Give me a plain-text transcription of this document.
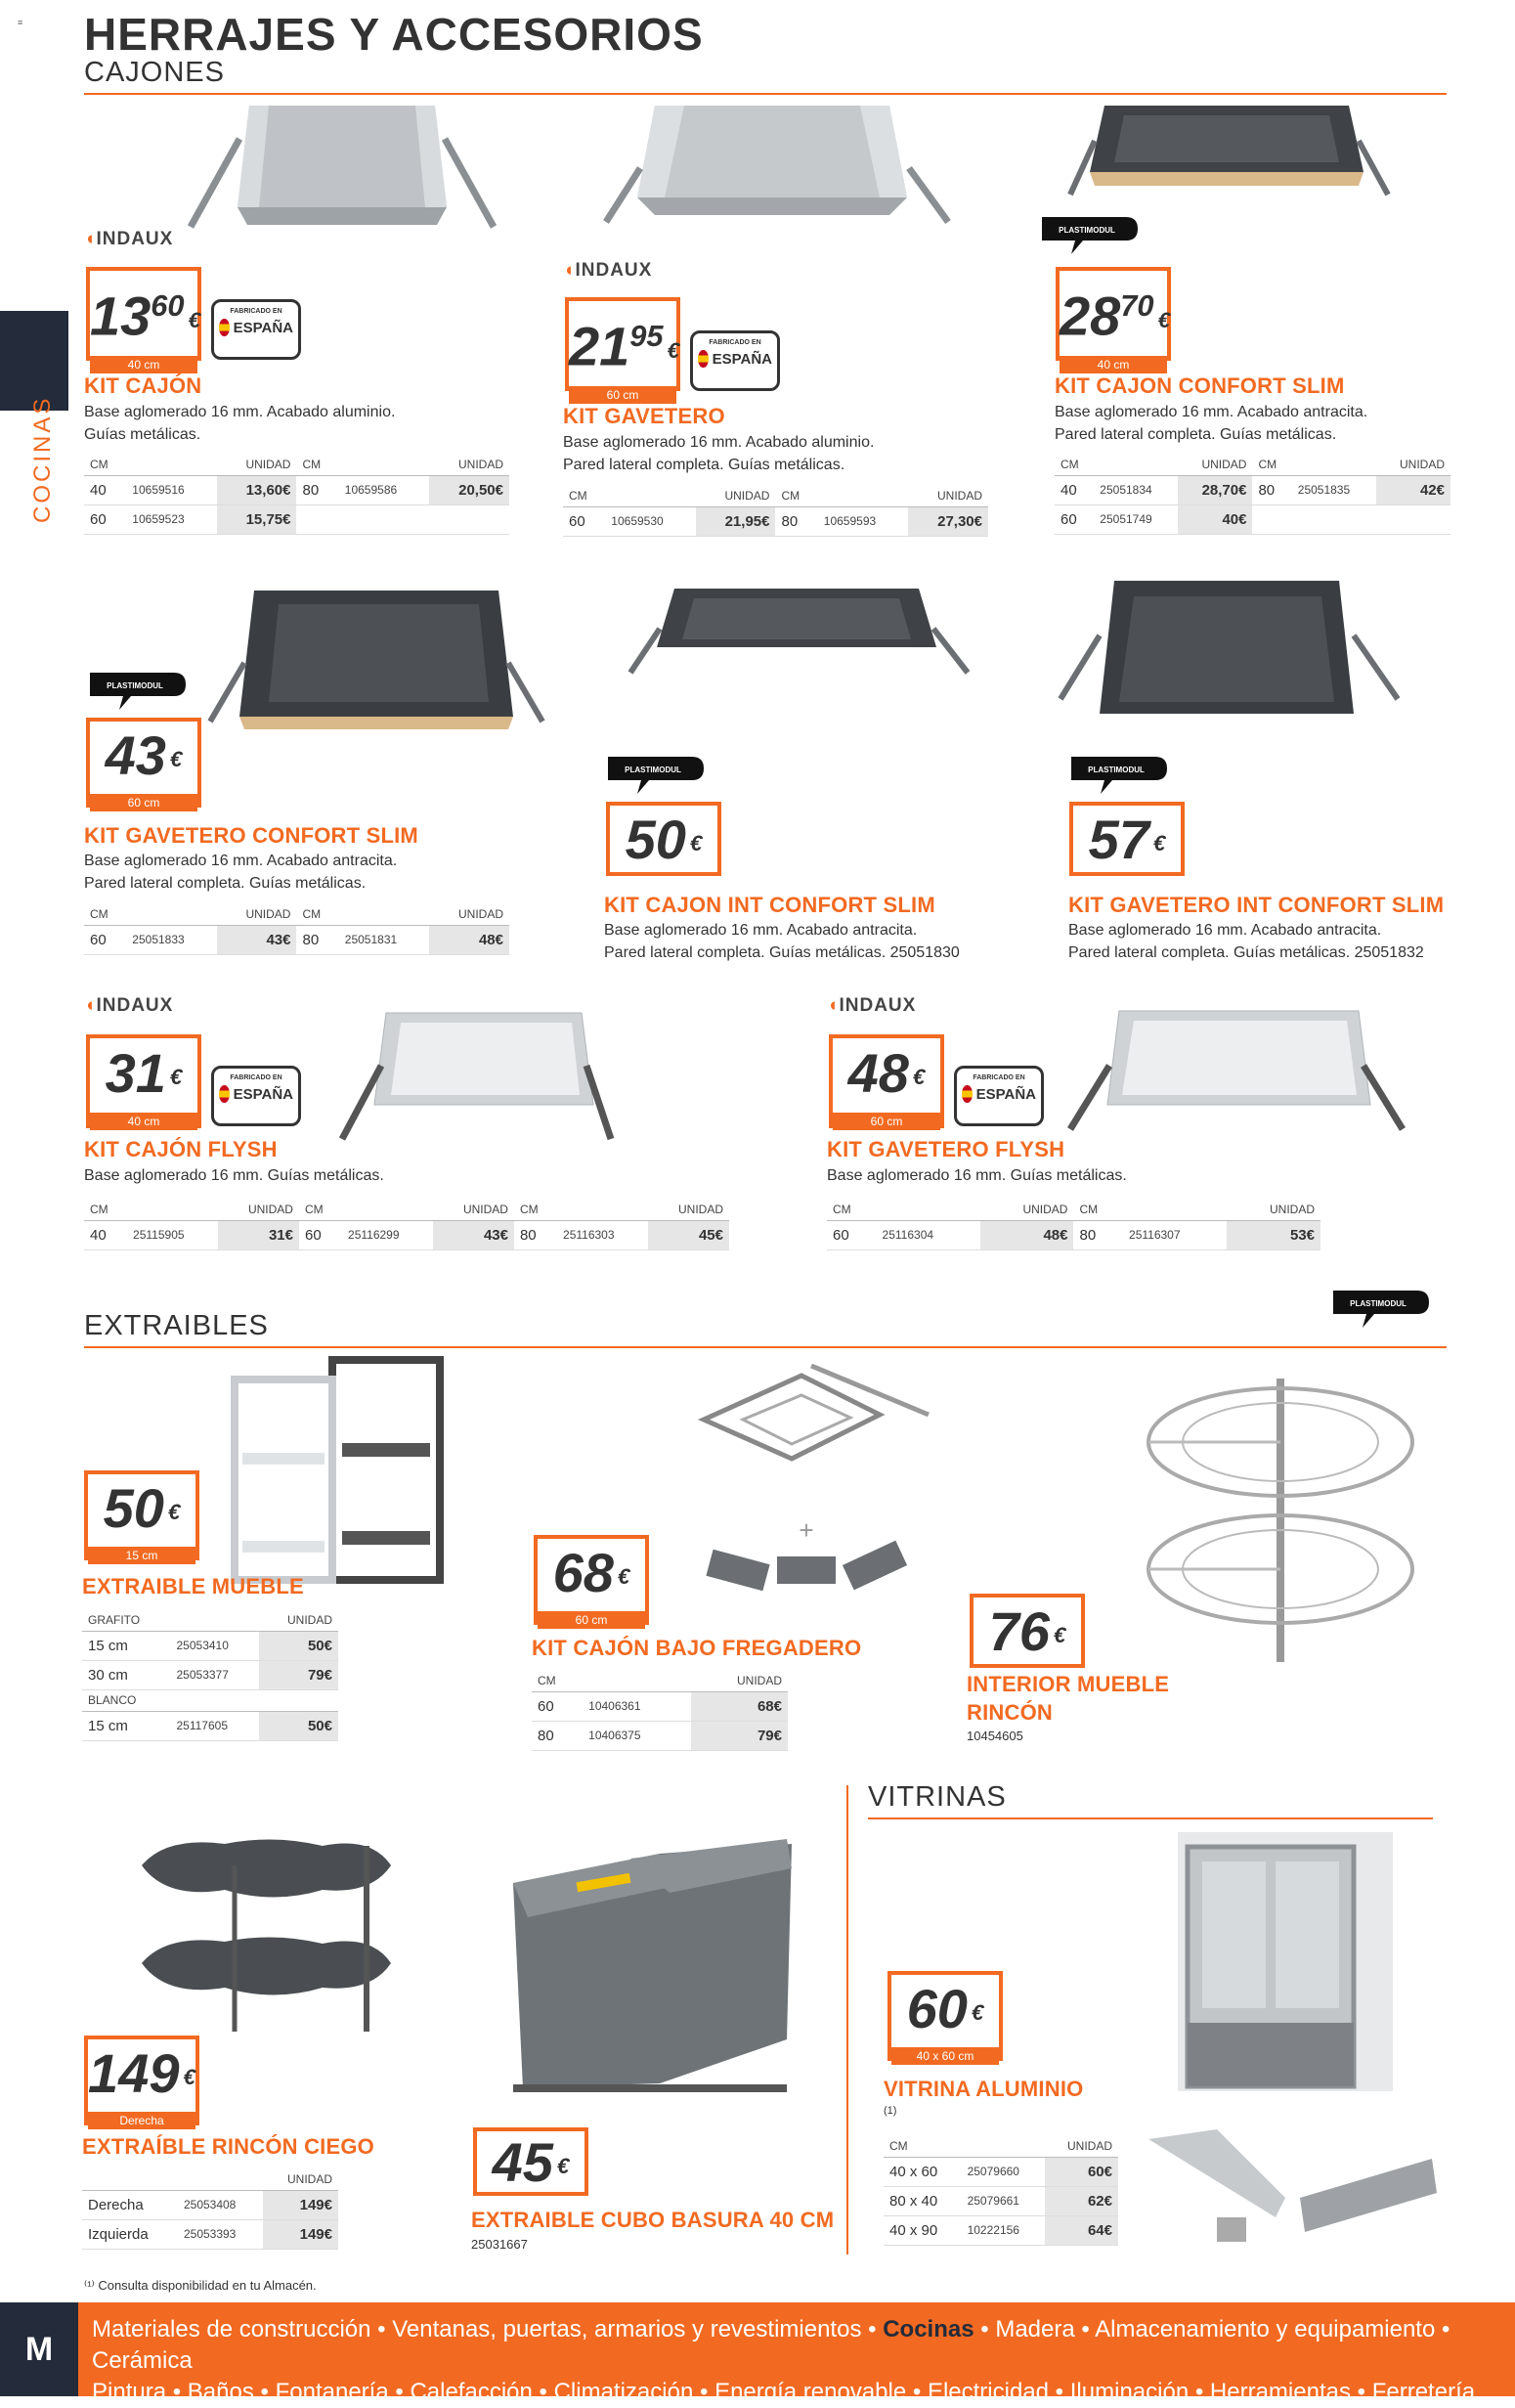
≡ HERRAJES Y ACCESORIOS
COCINAS
CAJONES
◖INDAUX
$13^{60}$ €
40 cm
FABRICADO EN
ESPAÑA
KIT CAJÓN
Base aglomerado 16 mm. Acabado aluminio.
Guías metálicas.
CM		UNIDAD	CM		UNIDAD
40	10659516	13,60€	80	10659586	20,50€
60	10659523	15,75€			
◖INDAUX
$21^{95}$ €
60 cm
FABRICADO EN
ESPAÑA
KIT GAVETERO
Base aglomerado 16 mm. Acabado aluminio.
Pared lateral completa. Guías metálicas.
CM		UNIDAD	CM		UNIDAD
60	10659530	21,95€	80	10659593	27,30€
PLASTIMODUL
$28^{70}$ €
40 cm
KIT CAJON CONFORT SLIM
Base aglomerado 16 mm. Acabado antracita.
Pared lateral completa. Guías metálicas.
CM		UNIDAD	CM		UNIDAD
40	25051834	28,70€	80	25051835	42€
60	25051749	40€			
PLASTIMODUL
43 €
60 cm
KIT GAVETERO CONFORT SLIM
Base aglomerado 16 mm. Acabado antracita.
Pared lateral completa. Guías metálicas.
CM		UNIDAD	CM		UNIDAD
60	25051833	43€	80	25051831	48€
PLASTIMODUL
50 €
KIT CAJON INT CONFORT SLIM
Base aglomerado 16 mm. Acabado antracita.
Pared lateral completa. Guías metálicas. 25051830
PLASTIMODUL
57 €
KIT GAVETERO INT CONFORT SLIM
Base aglomerado 16 mm. Acabado antracita.
Pared lateral completa. Guías metálicas. 25051832
◖INDAUX
31 €
40 cm
FABRICADO EN
ESPAÑA
KIT CAJÓN FLYSH
Base aglomerado 16 mm. Guías metálicas.
CM		UNIDAD	CM		UNIDAD	CM		UNIDAD
40	25115905	31€	60	25116299	43€	80	25116303	45€
◖INDAUX
48 €
60 cm
FABRICADO EN
ESPAÑA
KIT GAVETERO FLYSH
Base aglomerado 16 mm. Guías metálicas.
CM		UNIDAD	CM		UNIDAD
60	25116304	48€	80	25116307	53€
EXTRAIBLES
PLASTIMODUL
50 €
15 cm
EXTRAIBLE MUEBLE
GRAFITO		UNIDAD
15 cm	25053410	50€
30 cm	25053377	79€
BLANCO		
15 cm	25117605	50€
+
68 €
60 cm
KIT CAJÓN BAJO FREGADERO
CM		UNIDAD
60	10406361	68€
80	10406375	79€
76 €
INTERIOR MUEBLE
RINCÓN
10454605
149 €
Derecha
EXTRAÍBLE RINCÓN CIEGO
		UNIDAD
Derecha	25053408	149€
Izquierda	25053393	149€
45 €
EXTRAIBLE CUBO BASURA 40 CM
25031667
VITRINAS
60 €
40 x 60 cm
VITRINA ALUMINIO
(1)
CM		UNIDAD
40 x 60	25079660	60€
80 x 40	25079661	62€
40 x 90	10222156	64€
⁽¹⁾ Consulta disponibilidad en tu Almacén.
M
Materiales de construcción • Ventanas, puertas, armarios y revestimientos • Cocinas • Madera • Almacenamiento y equipamiento • Cerámica
Pintura • Baños • Fontanería • Calefacción • Climatización • Energía renovable • Electricidad • Iluminación • Herramientas • Ferretería
